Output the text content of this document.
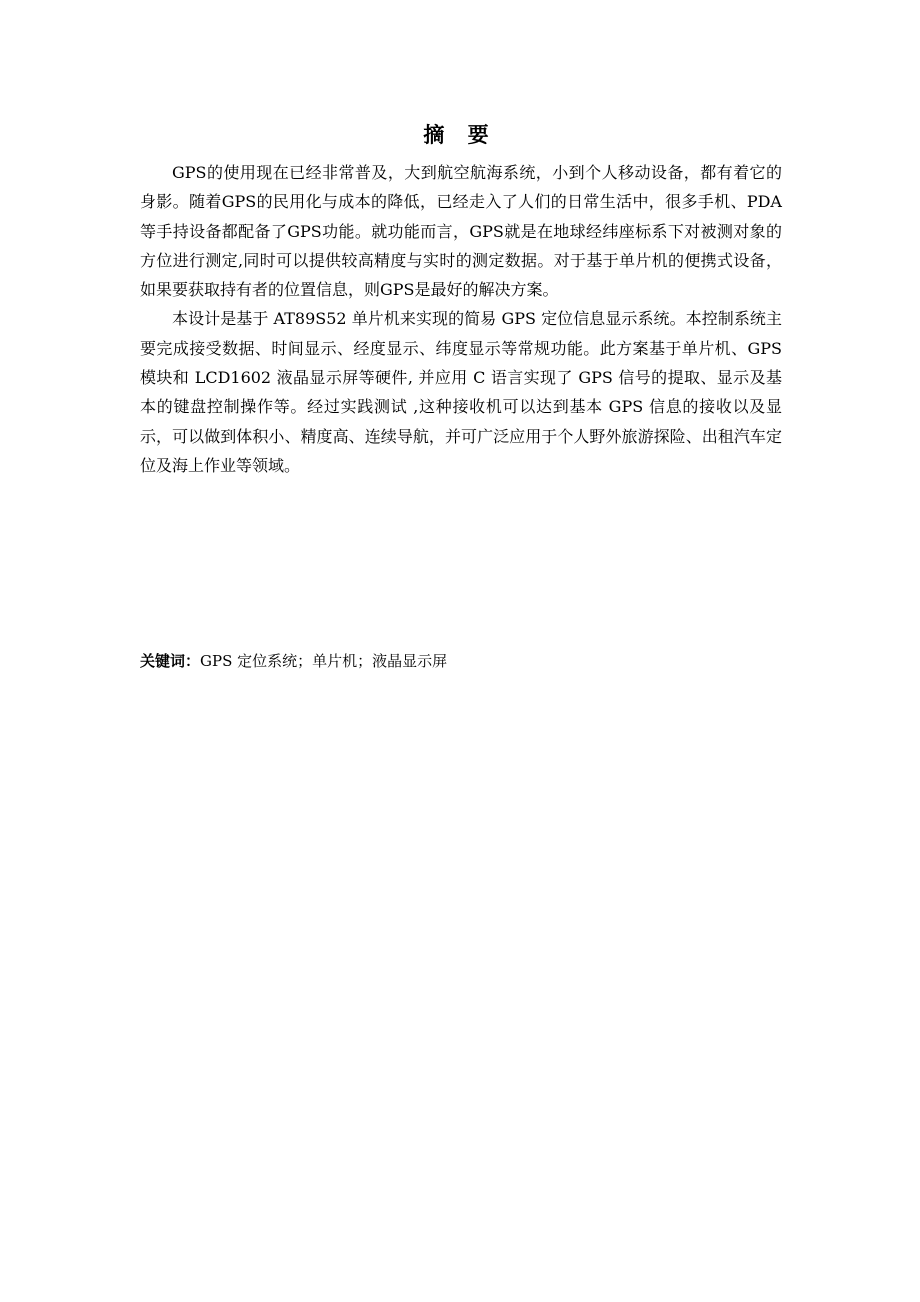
摘 要

GPS的使用现在已经非常普及，大到航空航海系统，小到个人移动设备，都有着它的身影。随着GPS的民用化与成本的降低，已经走入了人们的日常生活中，很多手机、PDA 等手持设备都配备了GPS功能。就功能而言，GPS就是在地球经纬座标系下对被测对象的方位进行测定,同时可以提供较高精度与实时的测定数据。对于基于单片机的便携式设备，如果要获取持有者的位置信息，则GPS是最好的解决方案。

本设计是基于 AT89S52 单片机来实现的简易 GPS 定位信息显示系统。本控制系统主要完成接受数据、时间显示、经度显示、纬度显示等常规功能。此方案基于单片机、GPS 模块和 LCD1602 液晶显示屏等硬件, 并应用 C 语言实现了 GPS 信号的提取、显示及基本的键盘控制操作等。经过实践测试 ,这种接收机可以达到基本 GPS 信息的接收以及显示，可以做到体积小、精度高、连续导航，并可广泛应用于个人野外旅游探险、出租汽车定位及海上作业等领域。

关键词：GPS 定位系统；单片机；液晶显示屏
